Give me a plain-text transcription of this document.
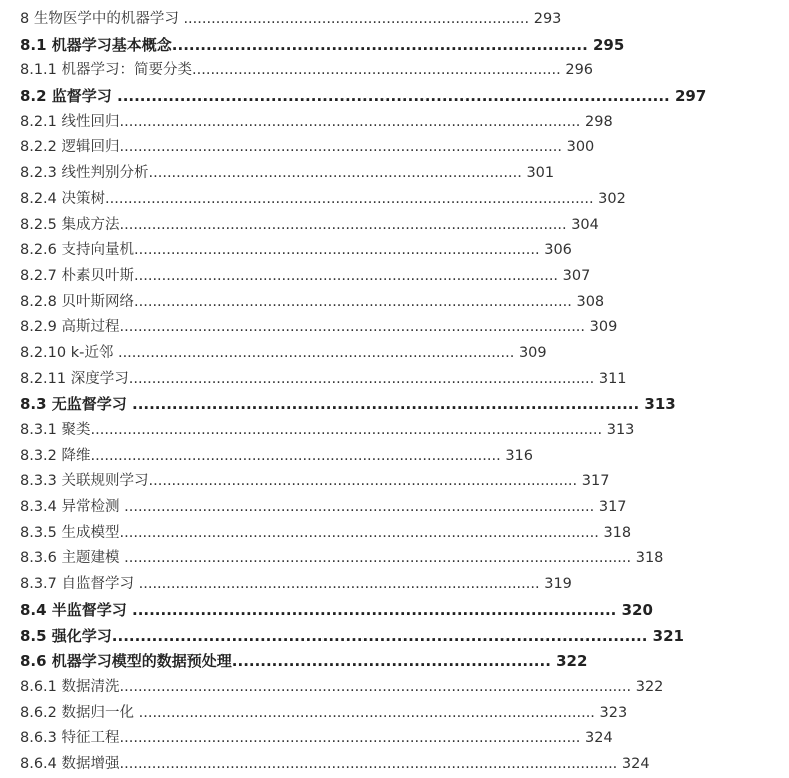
8 生物医学中的机器学习 ........................................................................... 293
8.1 机器学习基本概念......................................................................... 295
8.1.1 机器学习：简要分类................................................................................ 296
8.2 监督学习 ................................................................................................. 297
8.2.1 线性回归.................................................................................................... 298
8.2.2 逻辑回归................................................................................................ 300
8.2.3 线性判别分析................................................................................. 301
8.2.4 决策树.......................................................................................................... 302
8.2.5 集成方法................................................................................................. 304
8.2.6 支持向量机........................................................................................ 306
8.2.7 朴素贝叶斯............................................................................................ 307
8.2.8 贝叶斯网络............................................................................................... 308
8.2.9 高斯过程..................................................................................................... 309
8.2.10 k-近邻 ...................................................................................... 309
8.2.11 深度学习..................................................................................................... 311
8.3 无监督学习 ......................................................................................... 313
8.3.1 聚类............................................................................................................... 313
8.3.2 降维......................................................................................... 316
8.3.3 关联规则学习............................................................................................. 317
8.3.4 异常检测 ...................................................................................................... 317
8.3.5 生成模型........................................................................................................ 318
8.3.6 主题建模 .............................................................................................................. 318
8.3.7 自监督学习 ....................................................................................... 319
8.4 半监督学习 ..................................................................................... 320
8.5 强化学习.............................................................................................. 321
8.6 机器学习模型的数据预处理........................................................ 322
8.6.1 数据清洗............................................................................................................... 322
8.6.2 数据归一化 ................................................................................................... 323
8.6.3 特征工程.................................................................................................... 324
8.6.4 数据增强............................................................................................................ 324
